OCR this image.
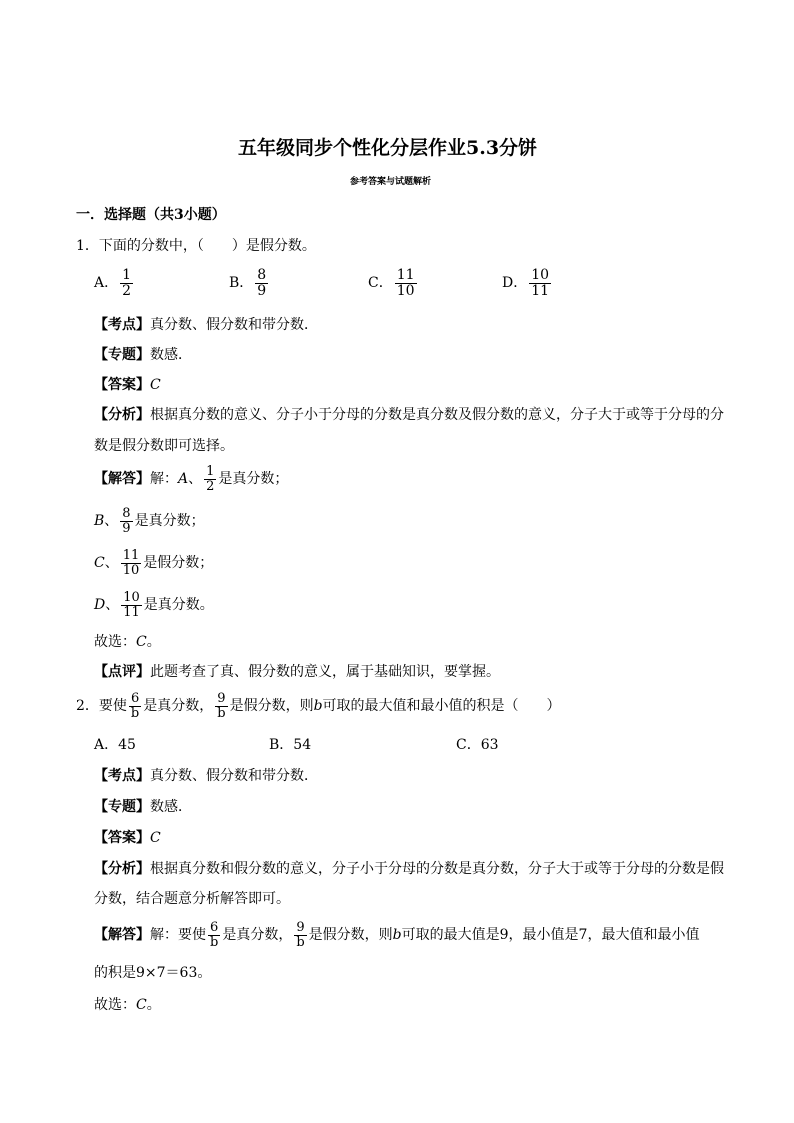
五年级同步个性化分层作业5.3分饼
参考答案与试题解析
一．选择题（共3小题）
1．下面的分数中，（　　）是假分数。
A． $\frac{1}{2}$	B． $\frac{8}{9}$	C． $\frac{11}{10}$	D． $\frac{10}{11}$
【考点】真分数、假分数和带分数．
【专题】数感．
【答案】C
【分析】根据真分数的意义、分子小于分母的分数是真分数及假分数的意义，分子大于或等于分母的分
数是假分数即可选择。
【解答】解：A、 $\frac{1}{2}$ 是真分数；
B、 $\frac{8}{9}$ 是真分数；
C、 $\frac{11}{10}$ 是假分数；
D、 $\frac{10}{11}$ 是真分数。
故选：C。
【点评】此题考查了真、假分数的意义，属于基础知识，要掌握。
2．要使 $\frac{6}{b}$ 是真分数， $\frac{9}{b}$ 是假分数，则b可取的最大值和最小值的积是（　　）
A．45	B．54	C．63
【考点】真分数、假分数和带分数．
【专题】数感．
【答案】C
【分析】根据真分数和假分数的意义，分子小于分母的分数是真分数，分子大于或等于分母的分数是假
分数，结合题意分析解答即可。
【解答】解：要使 $\frac{6}{b}$ 是真分数， $\frac{9}{b}$ 是假分数，则b可取的最大值是9，最小值是7，最大值和最小值
的积是9×7＝63。
故选：C。
